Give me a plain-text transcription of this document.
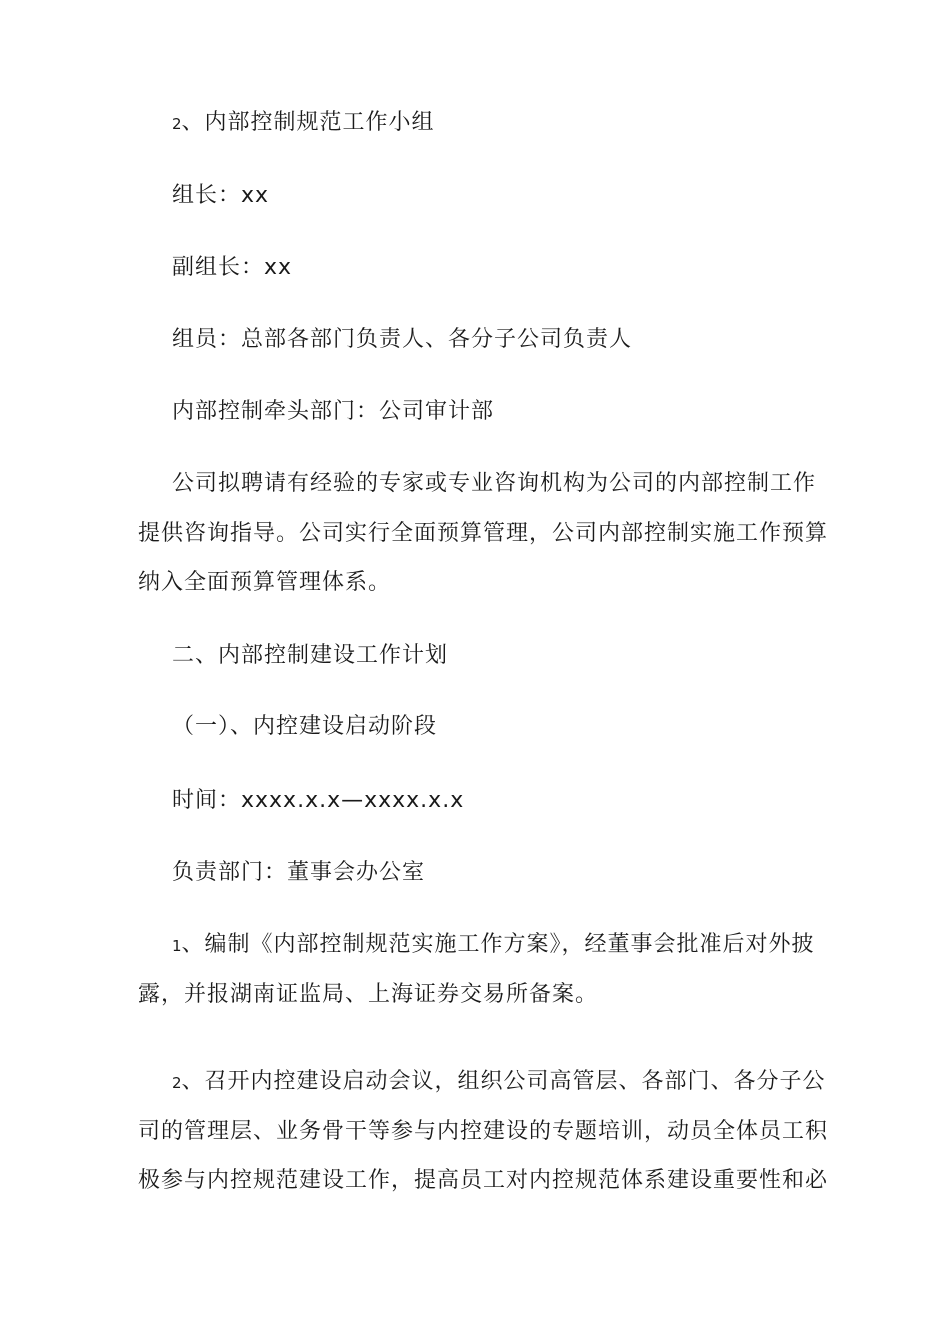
2、内部控制规范工作小组
组长：xx
副组长：xx
组员：总部各部门负责人、各分子公司负责人
内部控制牵头部门：公司审计部
公司拟聘请有经验的专家或专业咨询机构为公司的内部控制工作
提供咨询指导。公司实行全面预算管理，公司内部控制实施工作预算
纳入全面预算管理体系。
二、内部控制建设工作计划
（一）、内控建设启动阶段
时间：xxxx.x.x—xxxx.x.x
负责部门：董事会办公室
1、编制《内部控制规范实施工作方案》，经董事会批准后对外披
露，并报湖南证监局、上海证券交易所备案。
2、召开内控建设启动会议，组织公司高管层、各部门、各分子公
司的管理层、业务骨干等参与内控建设的专题培训，动员全体员工积
极参与内控规范建设工作，提高员工对内控规范体系建设重要性和必
